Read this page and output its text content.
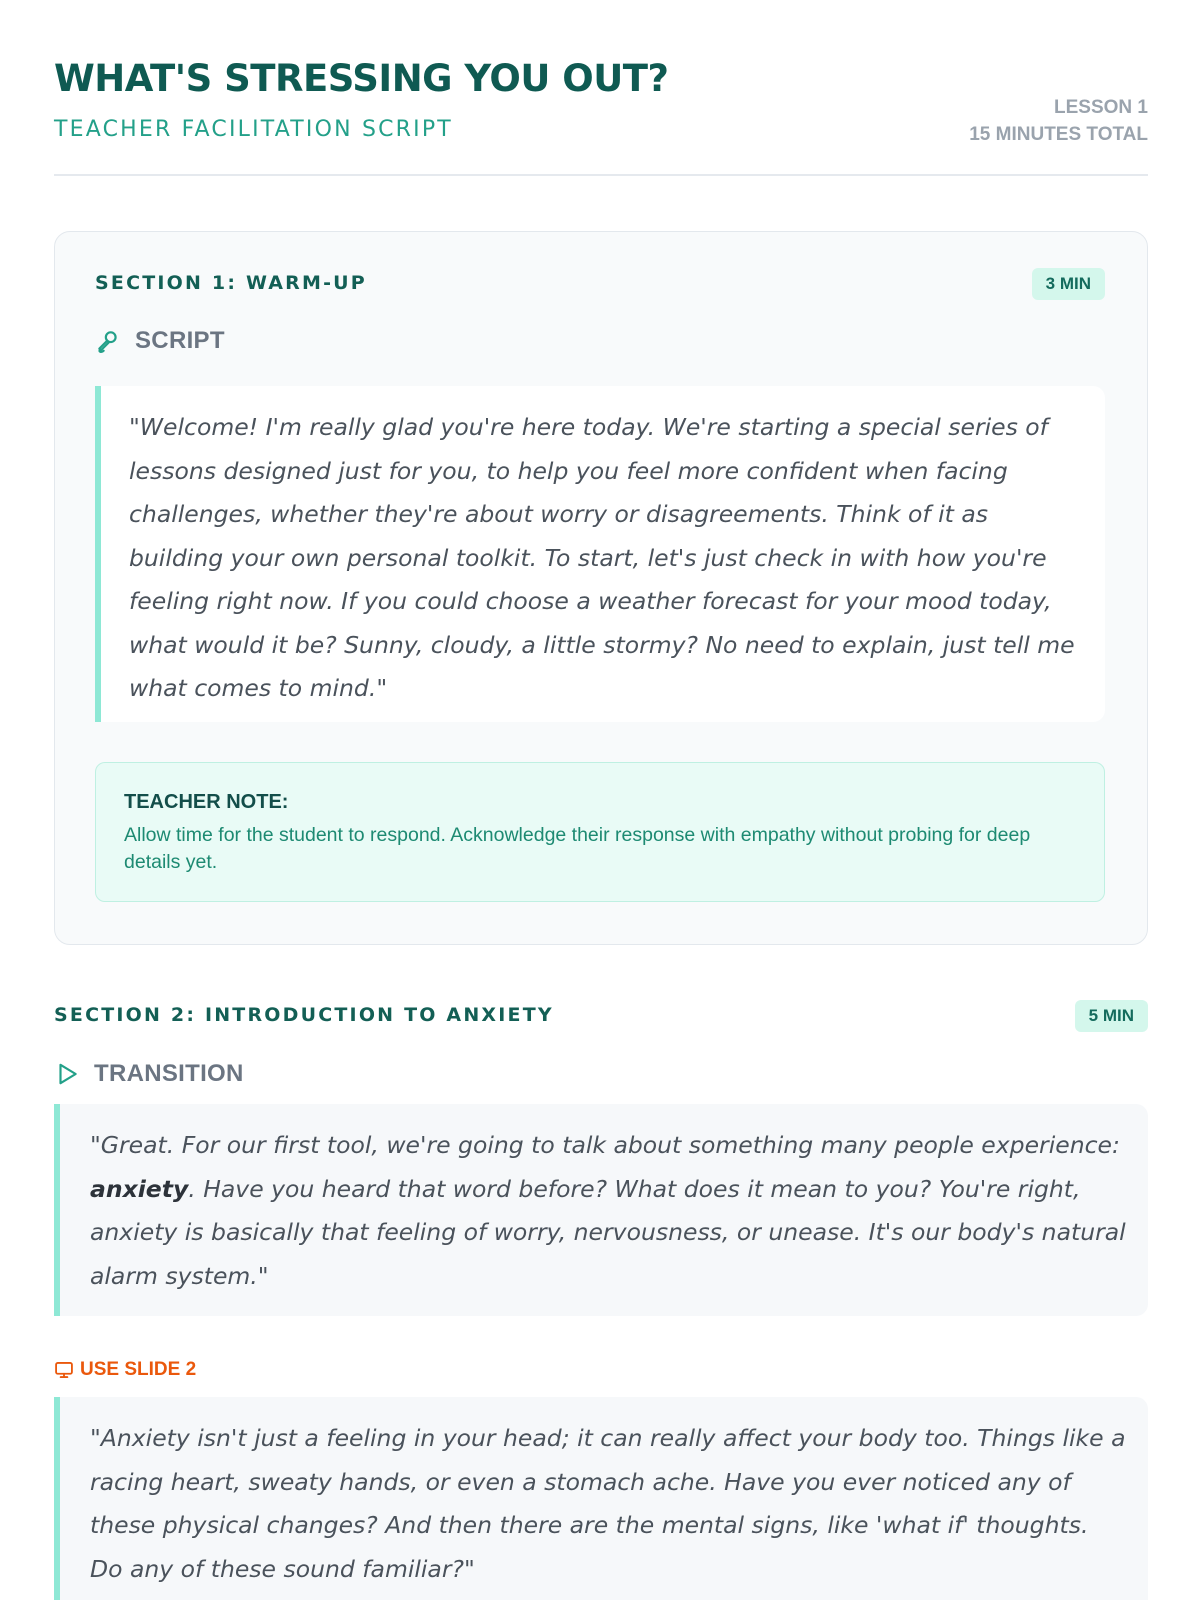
WHAT'S STRESSING YOU OUT?
TEACHER FACILITATION SCRIPT
LESSON 1
15 MINUTES TOTAL
SECTION 1: WARM-UP	3 MIN
SCRIPT
"Welcome! I'm really glad you're here today. We're starting a special series of lessons designed just for you, to help you feel more confident when facing challenges, whether they're about worry or disagreements. Think of it as building your own personal toolkit. To start, let's just check in with how you're feeling right now. If you could choose a weather forecast for your mood today, what would it be? Sunny, cloudy, a little stormy? No need to explain, just tell me what comes to mind."
TEACHER NOTE:
Allow time for the student to respond. Acknowledge their response with empathy without probing for deep details yet.
SECTION 2: INTRODUCTION TO ANXIETY	5 MIN
TRANSITION
"Great. For our first tool, we're going to talk about something many people experience: anxiety. Have you heard that word before? What does it mean to you? You're right, anxiety is basically that feeling of worry, nervousness, or unease. It's our body's natural alarm system."
USE SLIDE 2
"Anxiety isn't just a feeling in your head; it can really affect your body too. Things like a racing heart, sweaty hands, or even a stomach ache. Have you ever noticed any of these physical changes? And then there are the mental signs, like 'what if' thoughts. Do any of these sound familiar?"
